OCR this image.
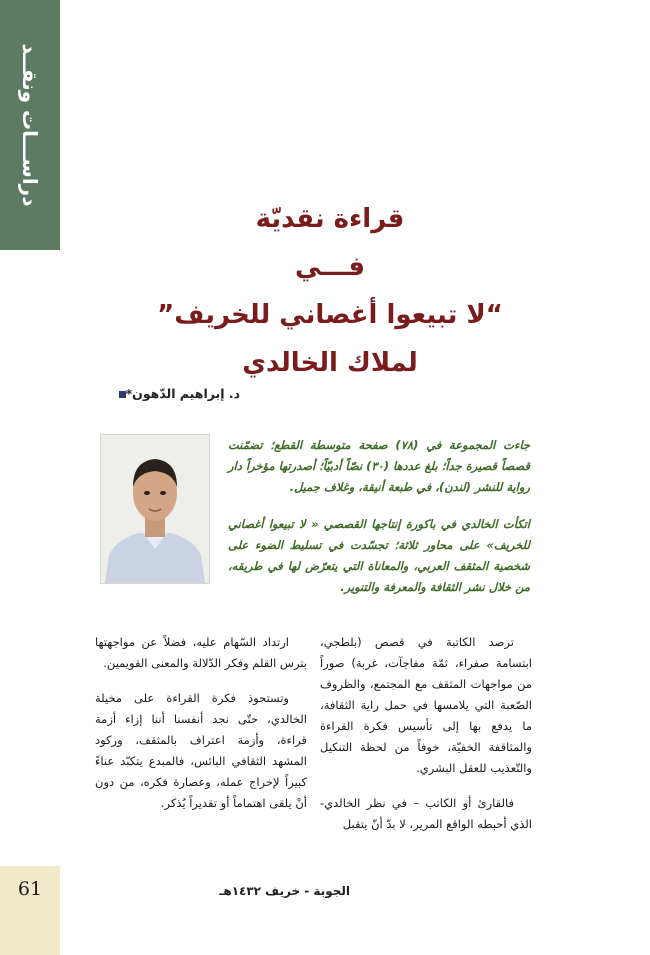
دراســـات ونقــد
قراءة نقديّة
فـــي
“لا تبيعوا أغصاني للخريف”
لملاك الخالدي
د. إبراهيم الدّهون*

جاءت المجموعة في (٧٨) صفحة متوسطة القطع؛ تضمّنت قصصاً قصيرة جداً؛ بلغ عددها (٣٠) نصّاً أدبيّاً؛ أصدرتها مؤخراً دار رواية للنشر (لندن)، في طبعة أنيقة، وغلاف جميل.

اتكأت الخالدي في باكورة إنتاجها القصصي « لا تبيعوا أغصاني للخريف» على محاور ثلاثة؛ تجسّدت في تسليط الضوء على شخصية المثقف العربي، والمعاناة التي يتعرّض لها في طريقه، من خلال نشر الثقافة والمعرفة والتنوير.

ترصد الكاتبة في قصص (بلطجي، ابتسامة صفراء، ثمّة مفاجآت، غربة) صوراً من مواجهات المثقف مع المجتمع، والظروف الصّعبة التي يلامسها في حمل راية الثقافة، ما يدفع بها إلى تأسيس فكرة القراءة والمثاقفة الخفيّة، خوفاً من لحظة التنكيل والتّعذيب للعقل البشري.

فالقارئ أو الكاتب – في نظر الخالدي- الذي أحبطه الواقع المرير، لا بدّ أنّ يتقبل

ارتداد السّهام عليه، فضلاً عن مواجهتها بترس القلم وفكر الدّلالة والمعنى القويمين.

وتستحوذ فكرة القراءة على مخيلة الخالدي، حتّى نجد أنفسنا أننا إزاء أزمة قراءة، وأزمة اعتراف بالمثقف، وركود المشهد الثقافي البائس، فالمبدع يتكبّد عناءً كبيراً لإخراج عمله، وعصارة فكره، من دون أنْ يلقى اهتماماً أو تقديراً يُذكر.

61	الجوبة - خريف ١٤٣٢هـ
